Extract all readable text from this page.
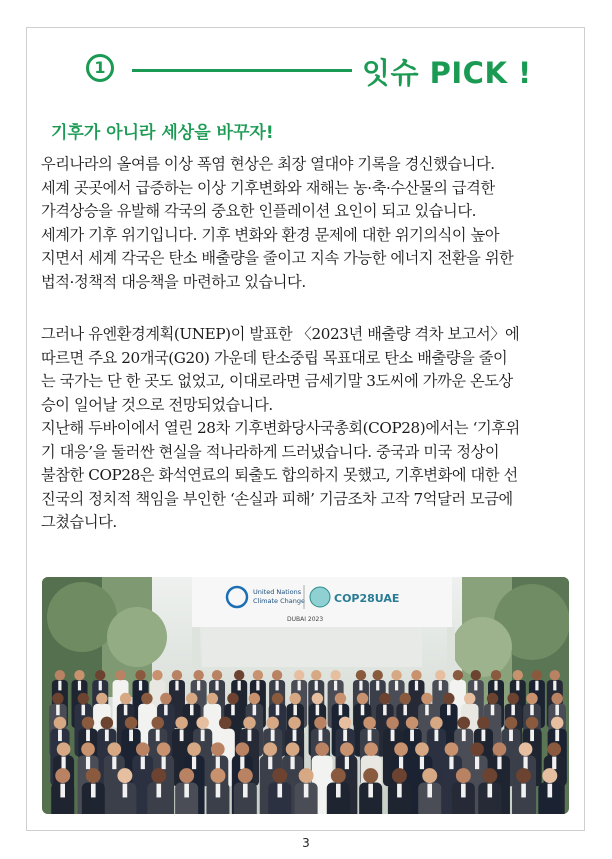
1	잇슈 PICK !
기후가 아니라 세상을 바꾸자!
우리나라의 올여름 이상 폭염 현상은 최장 열대야 기록을 경신했습니다.
세계 곳곳에서 급증하는 이상 기후변화와 재해는 농·축·수산물의 급격한
가격상승을 유발해 각국의 중요한 인플레이션 요인이 되고 있습니다.
세계가 기후 위기입니다. 기후 변화와 환경 문제에 대한 위기의식이 높아
지면서 세계 각국은 탄소 배출량을 줄이고 지속 가능한 에너지 전환을 위한
법적·정책적 대응책을 마련하고 있습니다.
그러나 유엔환경계획(UNEP)이 발표한 〈2023년 배출량 격차 보고서〉에
따르면 주요 20개국(G20) 가운데 탄소중립 목표대로 탄소 배출량을 줄이
는 국가는 단 한 곳도 없었고, 이대로라면 금세기말 3도씨에 가까운 온도상
승이 일어날 것으로 전망되었습니다.
지난해 두바이에서 열린 28차 기후변화당사국총회(COP28)에서는 ‘기후위
기 대응’을 둘러싼 현실을 적나라하게 드러냈습니다. 중국과 미국 정상이
불참한 COP28은 화석연료의 퇴출도 합의하지 못했고, 기후변화에 대한 선
진국의 정치적 책임을 부인한 ‘손실과 피해’ 기금조차 고작 7억달러 모금에
그쳤습니다.
United Nations
Climate Change	COP28UAE
DUBAI 2023
3
